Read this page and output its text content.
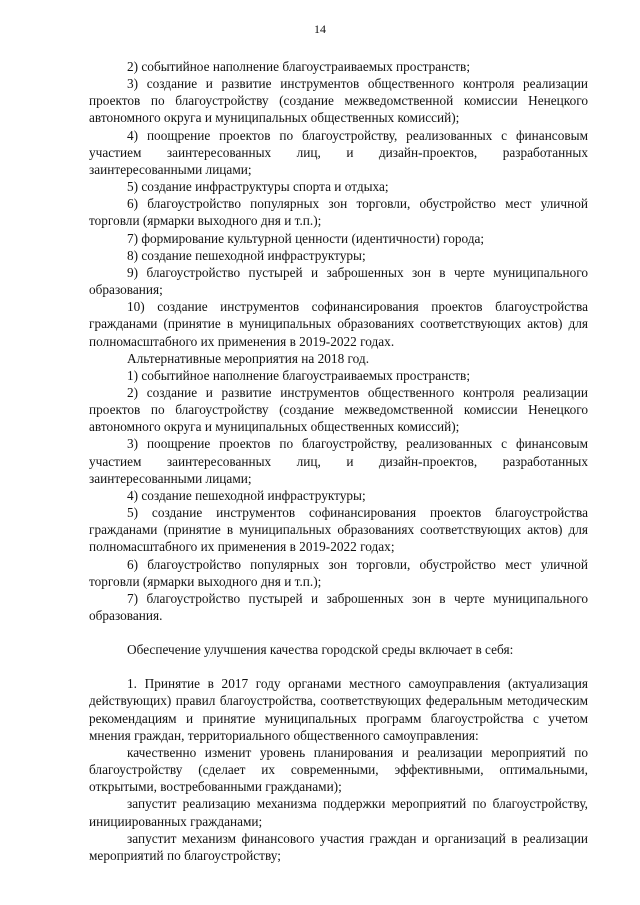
14

2) событийное наполнение благоустраиваемых пространств;

3) создание и развитие инструментов общественного контроля реализации проектов по благоустройству (создание межведомственной комиссии Ненецкого автономного округа и муниципальных общественных комиссий);

4) поощрение проектов по благоустройству, реализованных с финансовым участием заинтересованных лиц, и дизайн-проектов, разработанных заинтересованными лицами;

5) создание инфраструктуры спорта и отдыха;

6) благоустройство популярных зон торговли, обустройство мест уличной торговли (ярмарки выходного дня и т.п.);

7) формирование культурной ценности (идентичности) города;

8) создание пешеходной инфраструктуры;

9) благоустройство пустырей и заброшенных зон в черте муниципального образования;

10) создание инструментов софинансирования проектов благоустройства гражданами (принятие в муниципальных образованиях соответствующих актов) для полномасштабного их применения в 2019-2022 годах.

Альтернативные мероприятия на 2018 год.

1) событийное наполнение благоустраиваемых пространств;

2) создание и развитие инструментов общественного контроля реализации проектов по благоустройству (создание межведомственной комиссии Ненецкого автономного округа и муниципальных общественных комиссий);

3) поощрение проектов по благоустройству, реализованных с финансовым участием заинтересованных лиц, и дизайн-проектов, разработанных заинтересованными лицами;

4) создание пешеходной инфраструктуры;

5) создание инструментов софинансирования проектов благоустройства гражданами (принятие в муниципальных образованиях соответствующих актов) для полномасштабного их применения в 2019-2022 годах;

6) благоустройство популярных зон торговли, обустройство мест уличной торговли (ярмарки выходного дня и т.п.);

7) благоустройство пустырей и заброшенных зон в черте муниципального образования.

Обеспечение улучшения качества городской среды включает в себя:

1. Принятие в 2017 году органами местного самоуправления (актуализация действующих) правил благоустройства, соответствующих федеральным методическим рекомендациям и принятие муниципальных программ благоустройства с учетом мнения граждан, территориального общественного самоуправления:

качественно изменит уровень планирования и реализации мероприятий по благоустройству (сделает их современными, эффективными, оптимальными, открытыми, востребованными гражданами);

запустит реализацию механизма поддержки мероприятий по благоустройству, инициированных гражданами;

запустит механизм финансового участия граждан и организаций в реализации мероприятий по благоустройству;
